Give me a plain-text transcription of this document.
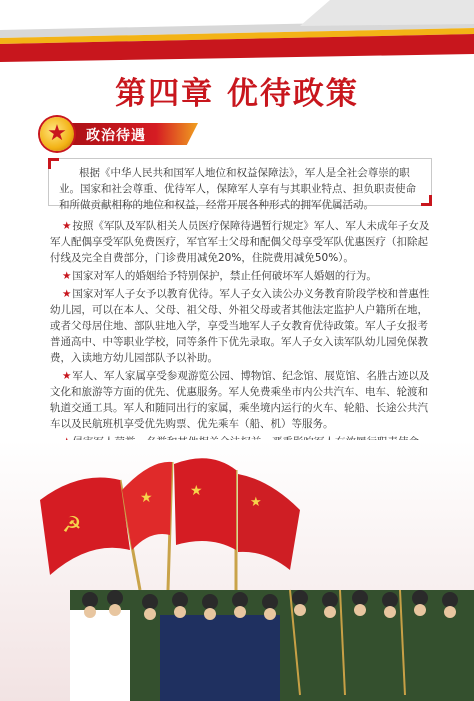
第四章 优待政策
★	政治待遇
根据《中华人民共和国军人地位和权益保障法》，军人是全社会尊崇的职业。国家和社会尊重、优待军人，保障军人享有与其职业特点、担负职责使命和所做贡献相称的地位和权益，经常开展各种形式的拥军优属活动。

★按照《军队及军队相关人员医疗保障待遇暂行规定》军人、军人未成年子女及军人配偶享受军队免费医疗，军官军士父母和配偶父母享受军队优惠医疗（扣除起付线及完全自费部分，门诊费用减免20%，住院费用减免50%）。

★国家对军人的婚姻给予特别保护，禁止任何破坏军人婚姻的行为。

★国家对军人子女予以教育优待。军人子女入读公办义务教育阶段学校和普惠性幼儿园，可以在本人、父母、祖父母、外祖父母或者其他法定监护人户籍所在地，或者父母居住地、部队驻地入学，享受当地军人子女教育优待政策。军人子女报考普通高中、中等职业学校，同等条件下优先录取。军人子女入读军队幼儿园免保教费，入读地方幼儿园部队予以补助。

★军人、军人家属享受参观游览公园、博物馆、纪念馆、展览馆、名胜古迹以及文化和旅游等方面的优先、优惠服务。军人免费乘坐市内公共汽车、电车、轮渡和轨道交通工具。军人和随同出行的家属，乘坐境内运行的火车、轮船、长途公共汽车以及民航班机享受优先购票、优先乘车（船、机）等服务。

☭
★	★
★
